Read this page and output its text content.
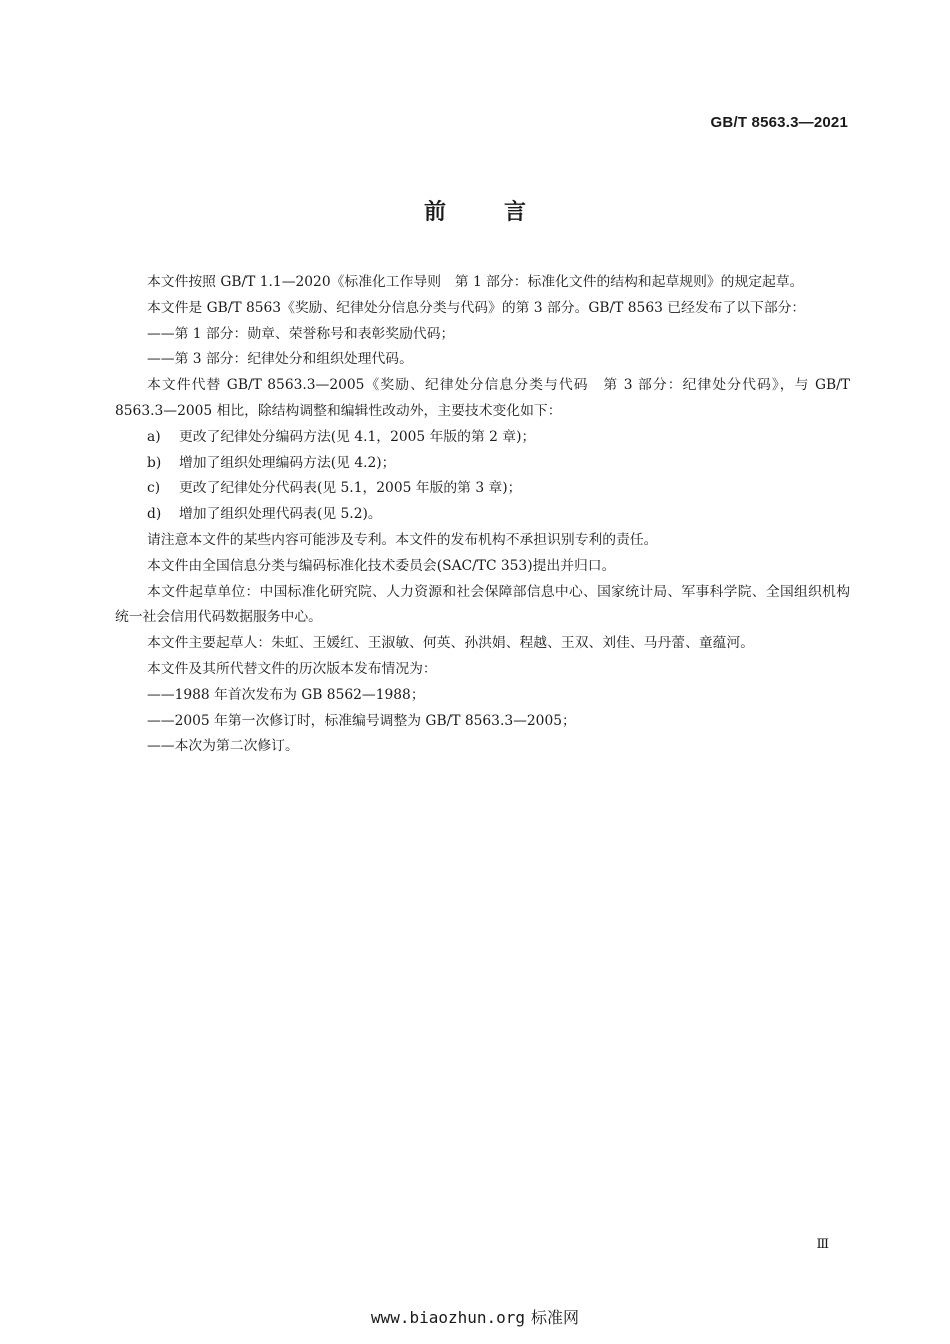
GB/T 8563.3—2021
前	言

本文件按照 GB/T 1.1—2020《标准化工作导则　第 1 部分：标准化文件的结构和起草规则》的规定起草。

本文件是 GB/T 8563《奖励、纪律处分信息分类与代码》的第 3 部分。GB/T 8563 已经发布了以下部分：

——第 1 部分：勋章、荣誉称号和表彰奖励代码；

——第 3 部分：纪律处分和组织处理代码。

本文件代替 GB/T 8563.3—2005《奖励、纪律处分信息分类与代码　第 3 部分：纪律处分代码》，与 GB/T 8563.3—2005 相比，除结构调整和编辑性改动外，主要技术变化如下：

a)	更改了纪律处分编码方法(见 4.1，2005 年版的第 2 章)；
b)	增加了组织处理编码方法(见 4.2)；
c)	更改了纪律处分代码表(见 5.1，2005 年版的第 3 章)；
d)	增加了组织处理代码表(见 5.2)。

请注意本文件的某些内容可能涉及专利。本文件的发布机构不承担识别专利的责任。

本文件由全国信息分类与编码标准化技术委员会(SAC/TC 353)提出并归口。

本文件起草单位：中国标准化研究院、人力资源和社会保障部信息中心、国家统计局、军事科学院、全国组织机构统一社会信用代码数据服务中心。

本文件主要起草人：朱虹、王媛红、王淑敏、何英、孙洪娟、程越、王双、刘佳、马丹蕾、童蕴河。

本文件及其所代替文件的历次版本发布情况为：

——1988 年首次发布为 GB 8562—1988；

——2005 年第一次修订时，标准编号调整为 GB/T 8563.3—2005；

——本次为第二次修订。

Ⅲ
www.biaozhun.org 标准网
